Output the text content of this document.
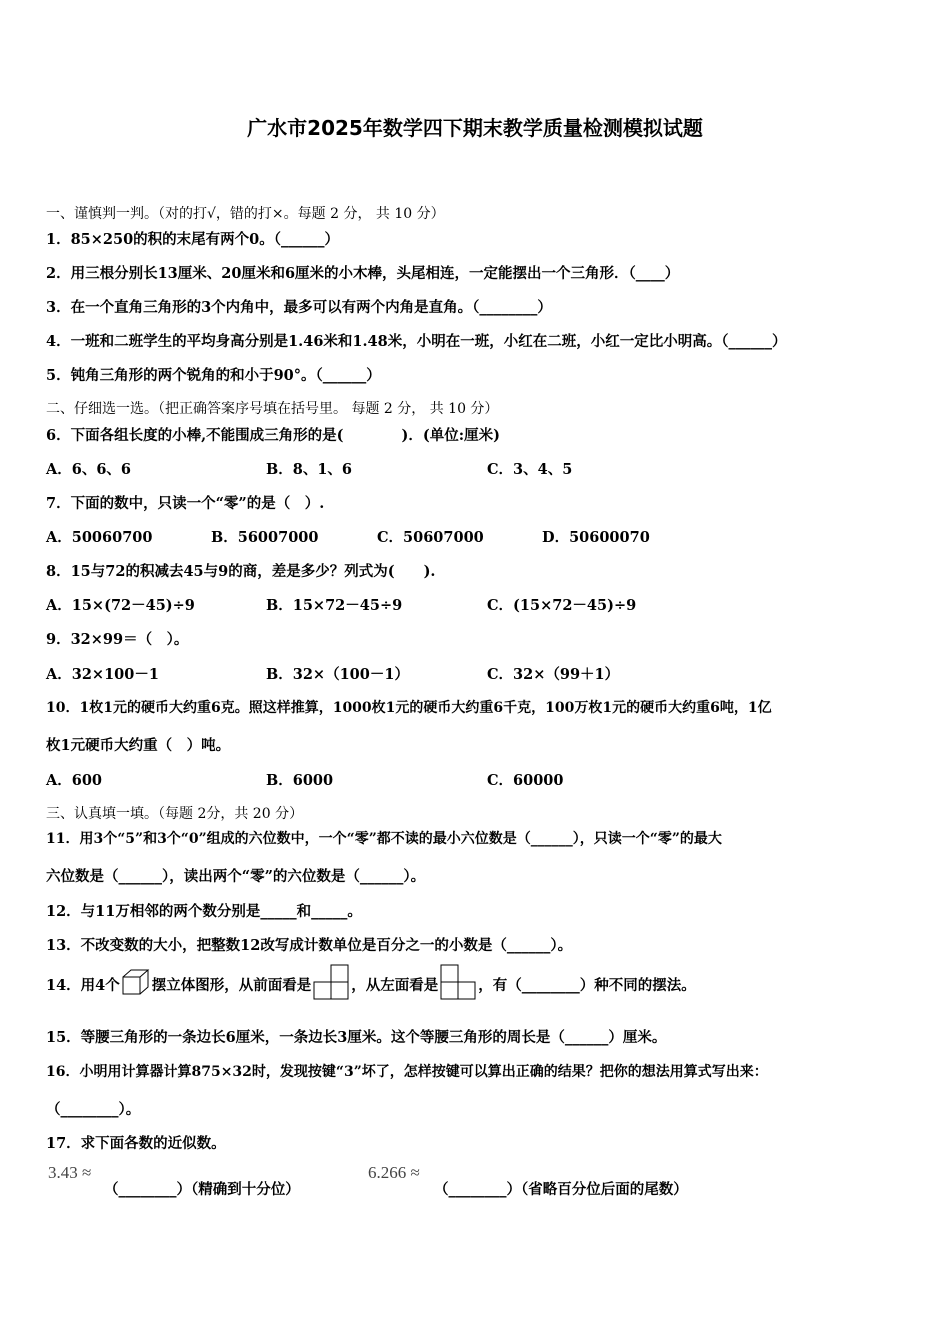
广水市2025年数学四下期末教学质量检测模拟试题
一、谨慎判一判。（对的打√，错的打×。每题 2 分， 共 10 分）
1．85×250的积的末尾有两个0。（______）
2．用三根分别长13厘米、20厘米和6厘米的小木棒，头尾相连，一定能摆出一个三角形．（____）
3．在一个直角三角形的3个内角中，最多可以有两个内角是直角。（________）
4．一班和二班学生的平均身高分别是1.46米和1.48米，小明在一班，小红在二班，小红一定比小明高。（______）
5．钝角三角形的两个锐角的和小于90°。（______）
二、仔细选一选。（把正确答案序号填在括号里。 每题 2 分， 共 10 分）
6．下面各组长度的小棒,不能围成三角形的是(　　　　)．(单位:厘米)
A．6、6、6	B．8、1、6	C．3、4、5
7．下面的数中，只读一个“零”的是（　）.
A．50060700	B．56007000	C．50607000	D．50600070
8．15与72的积减去45与9的商，差是多少？列式为(　　).
A．15×(72－45)÷9	B．15×72－45÷9	C．(15×72－45)÷9
9．32×99＝（　）。
A．32×100－1	B．32×（100－1）	C．32×（99＋1）
10．1枚1元的硬币大约重6克。照这样推算，1000枚1元的硬币大约重6千克，100万枚1元的硬币大约重6吨，1亿
枚1元硬币大约重（　）吨。
A．600	B．6000	C．60000
三、认真填一填。（每题 2分，共 20 分）
11．用3个“5”和3个“0”组成的六位数中，一个“零”都不读的最小六位数是（______），只读一个“零”的最大
六位数是（______），读出两个“零”的六位数是（______）。
12．与11万相邻的两个数分别是_____和_____。
13．不改变数的大小，把整数12改写成计数单位是百分之一的小数是（______）。
14．用4个 摆立体图形，从前面看是	，从左面看是	，有（________）种不同的摆法。
15．等腰三角形的一条边长6厘米，一条边长3厘米。这个等腰三角形的周长是（______）厘米。
16．小明用计算器计算875×32时，发现按键“3”坏了，怎样按键可以算出正确的结果？把你的想法用算式写出来：
（________）。
17．求下面各数的近似数。
3.43 ≈
（________）（精确到十分位）
6.266 ≈
（________）（省略百分位后面的尾数）
